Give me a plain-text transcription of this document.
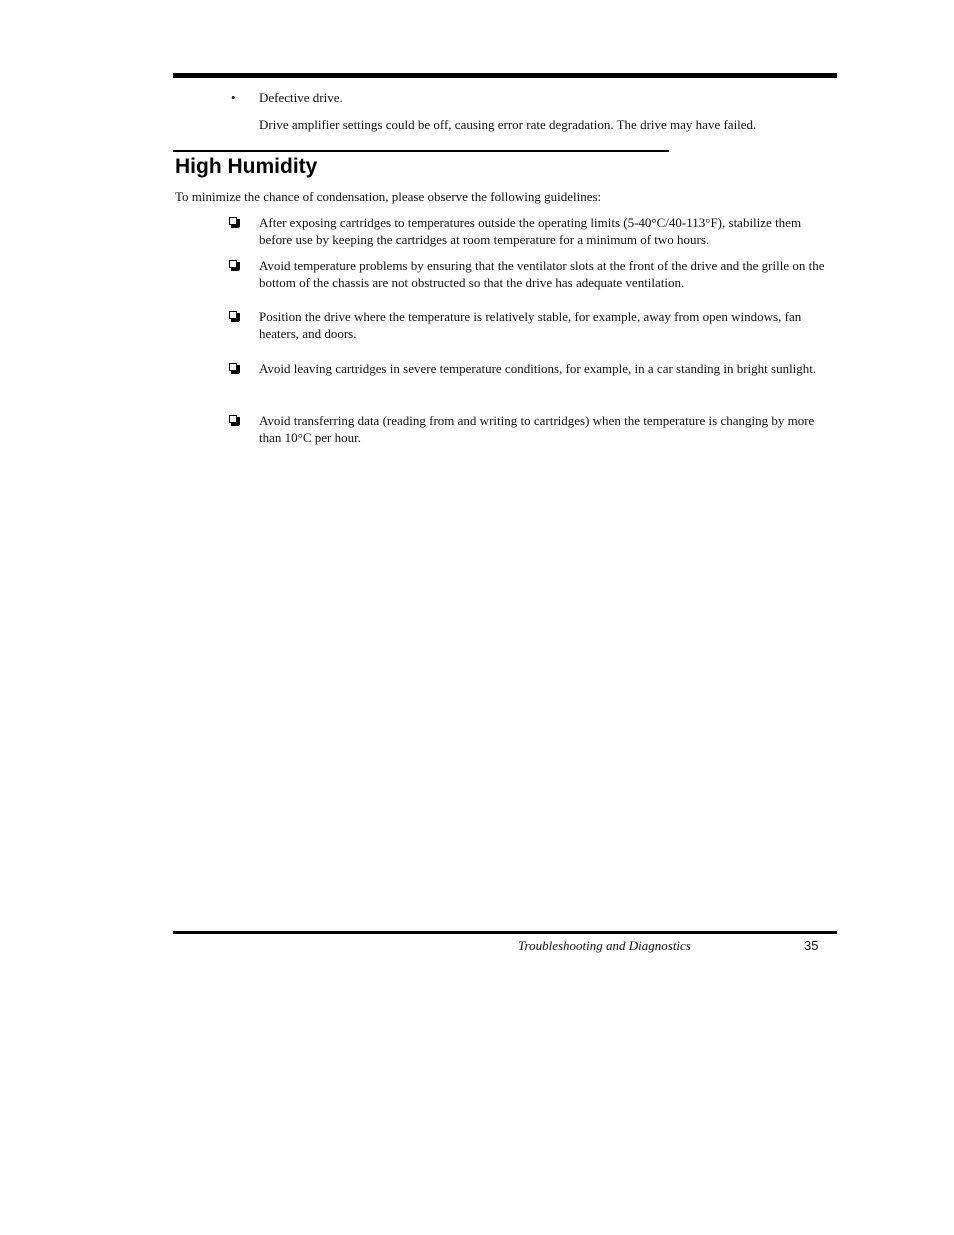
• Defective drive.
Drive amplifier settings could be off, causing error rate degradation. The drive may have failed.
High Humidity
To minimize the chance of condensation, please observe the following guidelines:
After exposing cartridges to temperatures outside the operating limits (5-40°C/40-113°F), stabilize them before use by keeping the cartridges at room temperature for a minimum of two hours.
Avoid temperature problems by ensuring that the ventilator slots at the front of the drive and the grille on the bottom of the chassis are not obstructed so that the drive has adequate ventilation.
Position the drive where the temperature is relatively stable, for example, away from open windows, fan heaters, and doors.
Avoid leaving cartridges in severe temperature conditions, for example, in a car standing in bright sunlight.
Avoid transferring data (reading from and writing to cartridges) when the temperature is changing by more than 10°C per hour.
Troubleshooting and Diagnostics	35
